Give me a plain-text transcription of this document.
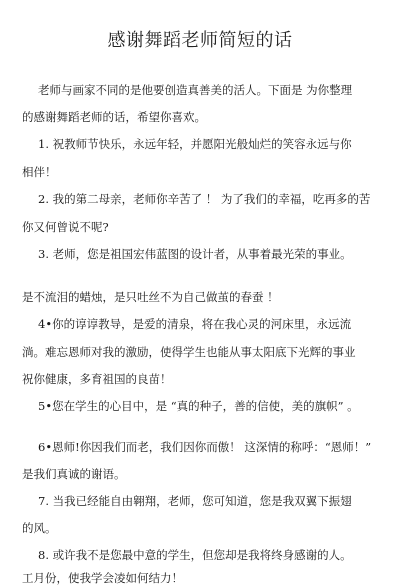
感谢舞蹈老师简短的话
老师与画家不同的是他要创造真善美的活人。下面是 为你整理
的感谢舞蹈老师的话，希望你喜欢。
1. 祝教师节快乐，永远年轻，并愿阳光般灿烂的笑容永远与你
相伴！
2. 我的第二母亲，老师你辛苦了 ！ 为了我们的幸福，吃再多的苦
你又何曾说不呢?
3. 老师，您是祖国宏伟蓝图的设计者，从事着最光荣的事业。
是不流泪的蜡烛，是只吐丝不为自己做茧的春蚕 ！
4•你的谆谆教导，是爱的清泉，将在我心灵的河床里，永远流
淌。难忘恩师对我的激励，使得学生也能从事太阳底下光辉的事业
祝你健康，多育祖国的良苗！
5•您在学生的心目中，是 “真的种子，善的信使，美的旗帜” 。
6•恩师!你因我们而老，我们因你而傲！ 这深情的称呼：“恩师！”
是我们真诚的谢语。
7. 当我已经能自由翱翔，老师，您可知道，您是我双翼下振翅
的风。
8. 或许我不是您最中意的学生，但您却是我将终身感谢的人。
工月份，使我学会凌如何结力！
